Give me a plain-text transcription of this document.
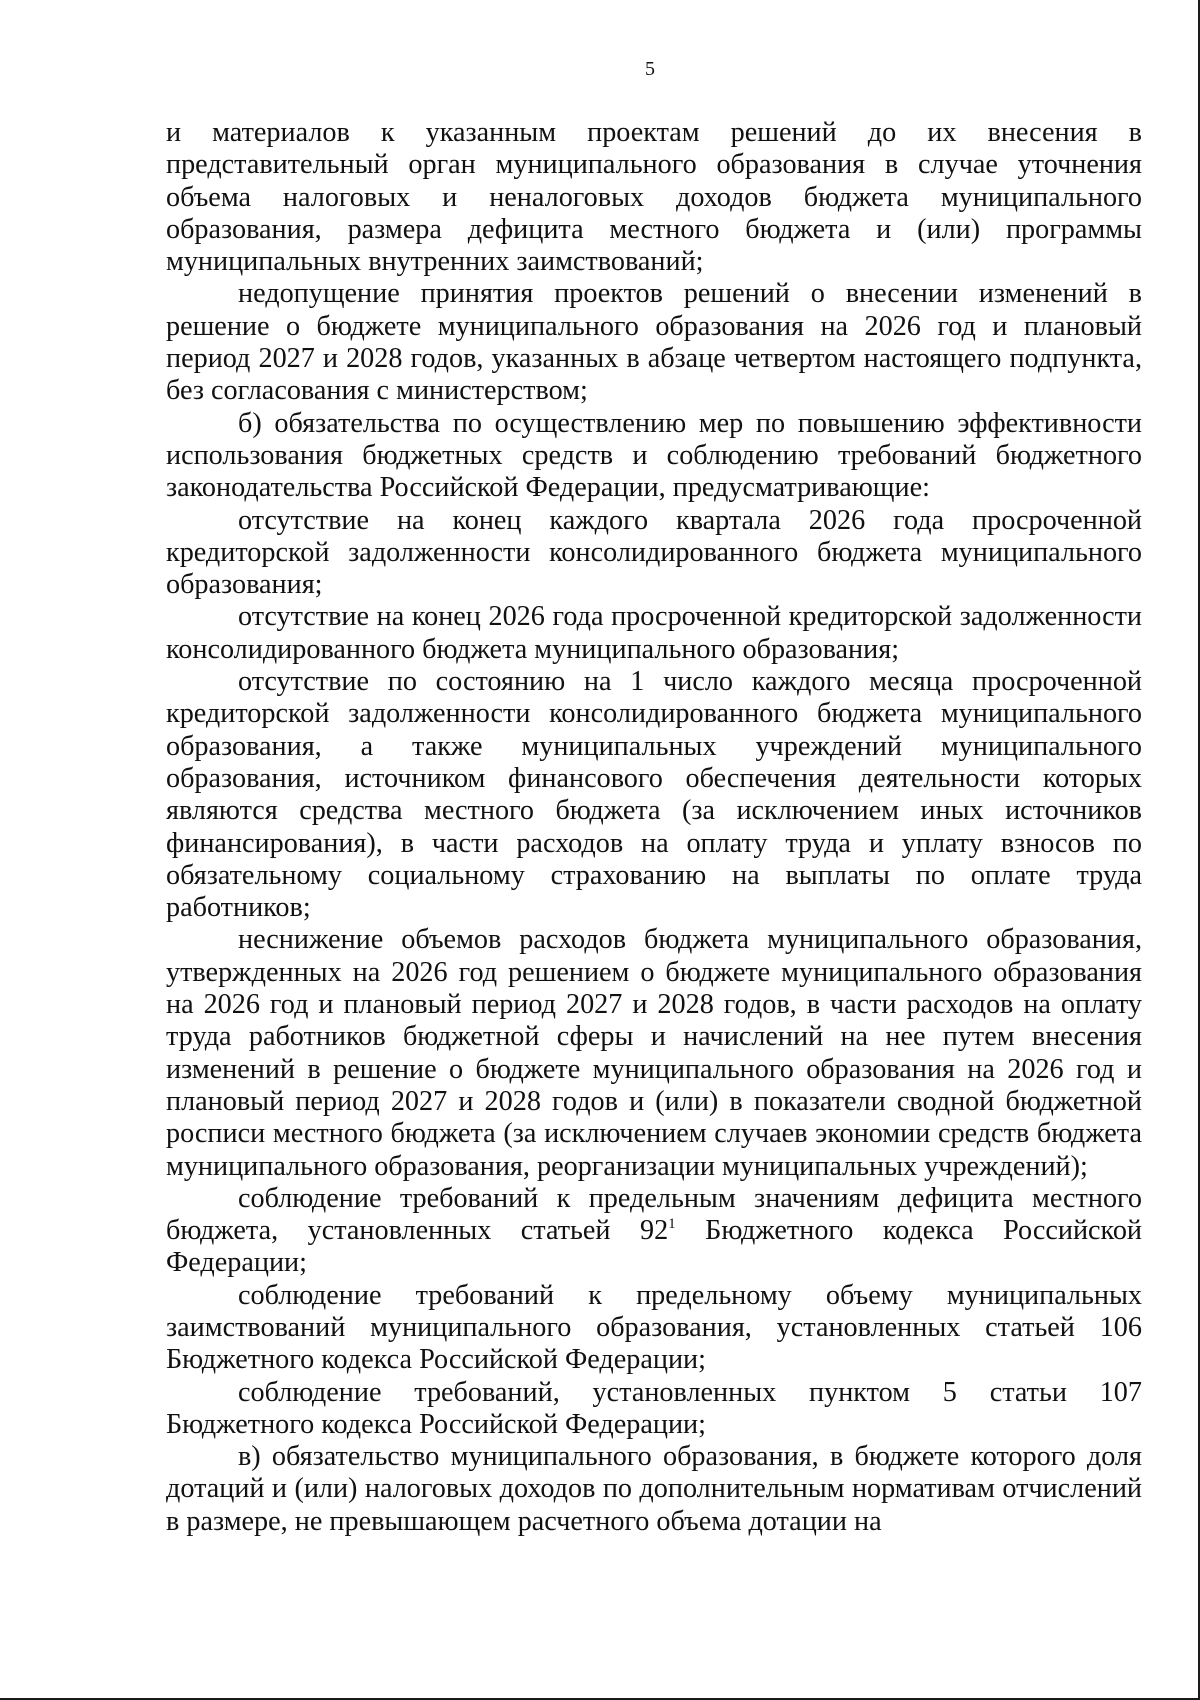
5

и материалов к указанным проектам решений до их внесения в представительный орган муниципального образования в случае уточнения объема налоговых и неналоговых доходов бюджета муниципального образования, размера дефицита местного бюджета и (или) программы муниципальных внутренних заимствований;

недопущение принятия проектов решений о внесении изменений в решение о бюджете муниципального образования на 2026 год и плановый период 2027 и 2028 годов, указанных в абзаце четвертом настоящего подпункта, без согласования с министерством;

б) обязательства по осуществлению мер по повышению эффективности использования бюджетных средств и соблюдению требований бюджетного законодательства Российской Федерации, предусматривающие:

отсутствие на конец каждого квартала 2026 года просроченной кредиторской задолженности консолидированного бюджета муниципального образования;

отсутствие на конец 2026 года просроченной кредиторской задолженности консолидированного бюджета муниципального образования;

отсутствие по состоянию на 1 число каждого месяца просроченной кредиторской задолженности консолидированного бюджета муниципального образования, а также муниципальных учреждений муниципального образования, источником финансового обеспечения деятельности которых являются средства местного бюджета (за исключением иных источников финансирования), в части расходов на оплату труда и уплату взносов по обязательному социальному страхованию на выплаты по оплате труда работников;

неснижение объемов расходов бюджета муниципального образования, утвержденных на 2026 год решением о бюджете муниципального образования на 2026 год и плановый период 2027 и 2028 годов, в части расходов на оплату труда работников бюджетной сферы и начислений на нее путем внесения изменений в решение о бюджете муниципального образования на 2026 год и плановый период 2027 и 2028 годов и (или) в показатели сводной бюджетной росписи местного бюджета (за исключением случаев экономии средств бюджета муниципального образования, реорганизации муниципальных учреждений);

соблюдение требований к предельным значениям дефицита местного бюджета, установленных статьей 92$^1$ Бюджетного кодекса Российской Федерации;

соблюдение требований к предельному объему муниципальных заимствований муниципального образования, установленных статьей 106 Бюджетного кодекса Российской Федерации;

соблюдение требований, установленных пунктом 5 статьи 107 Бюджетного кодекса Российской Федерации;

в) обязательство муниципального образования, в бюджете которого доля дотаций и (или) налоговых доходов по дополнительным нормативам отчислений в размере, не превышающем расчетного объема дотации на
